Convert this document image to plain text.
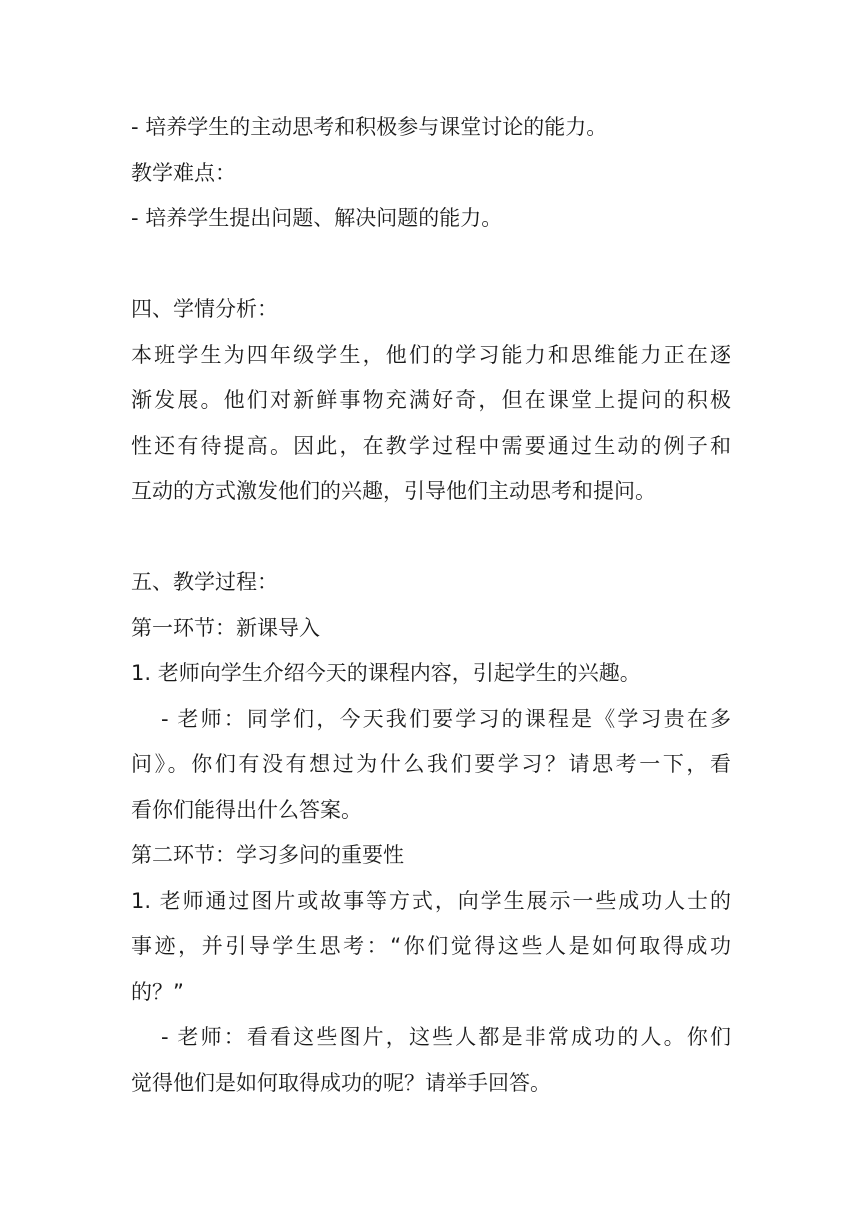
- 培养学生的主动思考和积极参与课堂讨论的能力。
教学难点：
- 培养学生提出问题、解决问题的能力。
四、学情分析：
本班学生为四年级学生，他们的学习能力和思维能力正在逐
渐发展。他们对新鲜事物充满好奇，但在课堂上提问的积极
性还有待提高。因此，在教学过程中需要通过生动的例子和
互动的方式激发他们的兴趣，引导他们主动思考和提问。
五、教学过程：
第一环节：新课导入
1. 老师向学生介绍今天的课程内容，引起学生的兴趣。
- 老师：同学们，今天我们要学习的课程是《学习贵在多
问》。你们有没有想过为什么我们要学习？请思考一下，看
看你们能得出什么答案。
第二环节：学习多问的重要性
1. 老师通过图片或故事等方式，向学生展示一些成功人士的
事迹，并引导学生思考：“你们觉得这些人是如何取得成功
的？”
- 老师：看看这些图片，这些人都是非常成功的人。你们
觉得他们是如何取得成功的呢？请举手回答。
